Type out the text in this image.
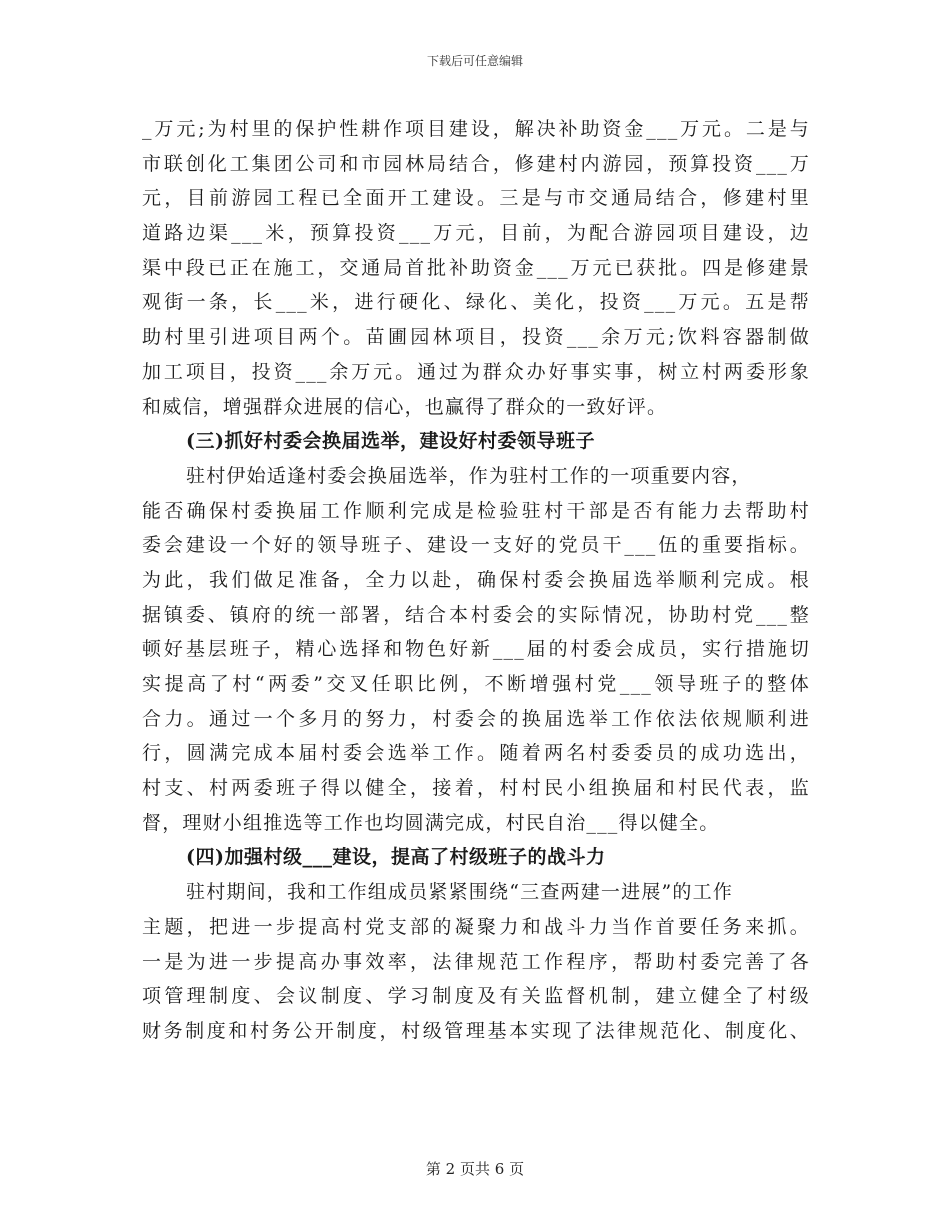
下载后可任意编辑
_万元;为村里的保护性耕作项目建设，解决补助资金___万元。二是与
市联创化工集团公司和市园林局结合，修建村内游园，预算投资___万
元，目前游园工程已全面开工建设。三是与市交通局结合，修建村里
道路边渠___米，预算投资___万元，目前，为配合游园项目建设，边
渠中段已正在施工，交通局首批补助资金___万元已获批。四是修建景
观街一条，长___米，进行硬化、绿化、美化，投资___万元。五是帮
助村里引进项目两个。苗圃园林项目，投资___余万元;饮料容器制做
加工项目，投资___余万元。通过为群众办好事实事，树立村两委形象
和威信，增强群众进展的信心，也赢得了群众的一致好评。
(三)抓好村委会换届选举，建设好村委领导班子
驻村伊始适逢村委会换届选举，作为驻村工作的一项重要内容，
能否确保村委换届工作顺利完成是检验驻村干部是否有能力去帮助村
委会建设一个好的领导班子、建设一支好的党员干___伍的重要指标。
为此，我们做足准备，全力以赴，确保村委会换届选举顺利完成。根
据镇委、镇府的统一部署，结合本村委会的实际情况，协助村党___整
顿好基层班子，精心选择和物色好新___届的村委会成员，实行措施切
实提高了村“两委”交叉任职比例，不断增强村党___领导班子的整体
合力。通过一个多月的努力，村委会的换届选举工作依法依规顺利进
行，圆满完成本届村委会选举工作。随着两名村委委员的成功选出，
村支、村两委班子得以健全，接着，村村民小组换届和村民代表，监
督，理财小组推选等工作也均圆满完成，村民自治___得以健全。
(四)加强村级___建设，提高了村级班子的战斗力
驻村期间，我和工作组成员紧紧围绕“三查两建一进展”的工作
主题，把进一步提高村党支部的凝聚力和战斗力当作首要任务来抓。
一是为进一步提高办事效率，法律规范工作程序，帮助村委完善了各
项管理制度、会议制度、学习制度及有关监督机制，建立健全了村级
财务制度和村务公开制度，村级管理基本实现了法律规范化、制度化、
第 2 页共 6 页
